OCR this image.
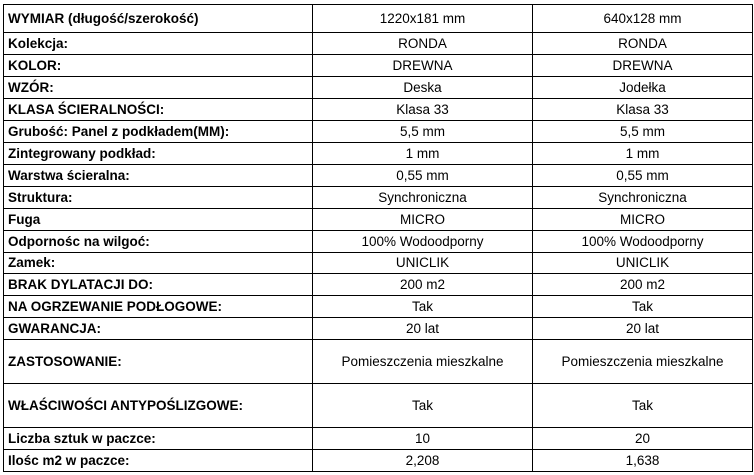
WYMIAR (długość/szerokość)	1220x181 mm	640x128 mm
Kolekcja:	RONDA	RONDA
KOLOR:	DREWNA	DREWNA
WZÓR:	Deska	Jodełka
KLASA ŚCIERALNOŚCI:	Klasa 33	Klasa 33
Grubość: Panel z podkładem(MM):	5,5 mm	5,5 mm
Zintegrowany podkład:	1 mm	1 mm
Warstwa ścieralna:	0,55 mm	0,55 mm
Struktura:	Synchroniczna	Synchroniczna
Fuga	MICRO	MICRO
Odpornośc na wilgoć:	100% Wodoodporny	100% Wodoodporny
Zamek:	UNICLIK	UNICLIK
BRAK DYLATACJI DO:	200 m2	200 m2
NA OGRZEWANIE PODŁOGOWE:	Tak	Tak
GWARANCJA:	20 lat	20 lat
ZASTOSOWANIE:	Pomieszczenia mieszkalne	Pomieszczenia mieszkalne
WŁAŚCIWOŚCI ANTYPOŚLIZGOWE:	Tak	Tak
Liczba sztuk w paczce:	10	20
Ilośc m2 w paczce:	2,208	1,638
